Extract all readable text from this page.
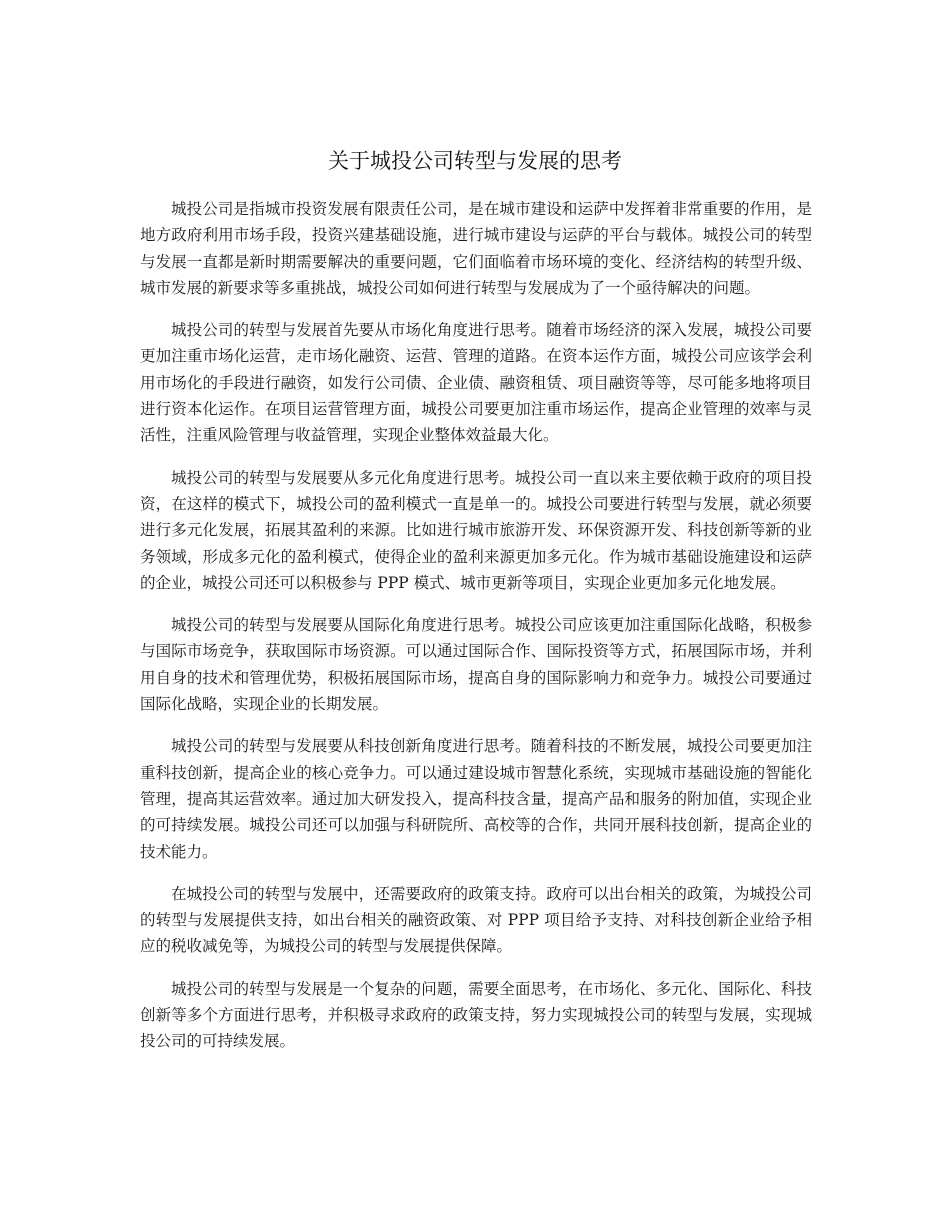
关于城投公司转型与发展的思考

城投公司是指城市投资发展有限责任公司，是在城市建设和运萨中发挥着非常重要的作用，是地方政府利用市场手段，投资兴建基础设施，进行城市建设与运萨的平台与载体。城投公司的转型与发展一直都是新时期需要解决的重要问题，它们面临着市场环境的变化、经济结构的转型升级、城市发展的新要求等多重挑战，城投公司如何进行转型与发展成为了一个亟待解决的问题。

城投公司的转型与发展首先要从市场化角度进行思考。随着市场经济的深入发展，城投公司要更加注重市场化运营，走市场化融资、运营、管理的道路。在资本运作方面，城投公司应该学会利用市场化的手段进行融资，如发行公司债、企业债、融资租赁、项目融资等等，尽可能多地将项目进行资本化运作。在项目运营管理方面，城投公司要更加注重市场运作，提高企业管理的效率与灵活性，注重风险管理与收益管理，实现企业整体效益最大化。

城投公司的转型与发展要从多元化角度进行思考。城投公司一直以来主要依赖于政府的项目投资，在这样的模式下，城投公司的盈利模式一直是单一的。城投公司要进行转型与发展，就必须要进行多元化发展，拓展其盈利的来源。比如进行城市旅游开发、环保资源开发、科技创新等新的业务领域，形成多元化的盈利模式，使得企业的盈利来源更加多元化。作为城市基础设施建设和运萨的企业，城投公司还可以积极参与 PPP 模式、城市更新等项目，实现企业更加多元化地发展。

城投公司的转型与发展要从国际化角度进行思考。城投公司应该更加注重国际化战略，积极参与国际市场竞争，获取国际市场资源。可以通过国际合作、国际投资等方式，拓展国际市场，并利用自身的技术和管理优势，积极拓展国际市场，提高自身的国际影响力和竞争力。城投公司要通过国际化战略，实现企业的长期发展。

城投公司的转型与发展要从科技创新角度进行思考。随着科技的不断发展，城投公司要更加注重科技创新，提高企业的核心竞争力。可以通过建设城市智慧化系统，实现城市基础设施的智能化管理，提高其运营效率。通过加大研发投入，提高科技含量，提高产品和服务的附加值，实现企业的可持续发展。城投公司还可以加强与科研院所、高校等的合作，共同开展科技创新，提高企业的技术能力。

在城投公司的转型与发展中，还需要政府的政策支持。政府可以出台相关的政策，为城投公司的转型与发展提供支持，如出台相关的融资政策、对 PPP 项目给予支持、对科技创新企业给予相应的税收减免等，为城投公司的转型与发展提供保障。

城投公司的转型与发展是一个复杂的问题，需要全面思考，在市场化、多元化、国际化、科技创新等多个方面进行思考，并积极寻求政府的政策支持，努力实现城投公司的转型与发展，实现城投公司的可持续发展。
